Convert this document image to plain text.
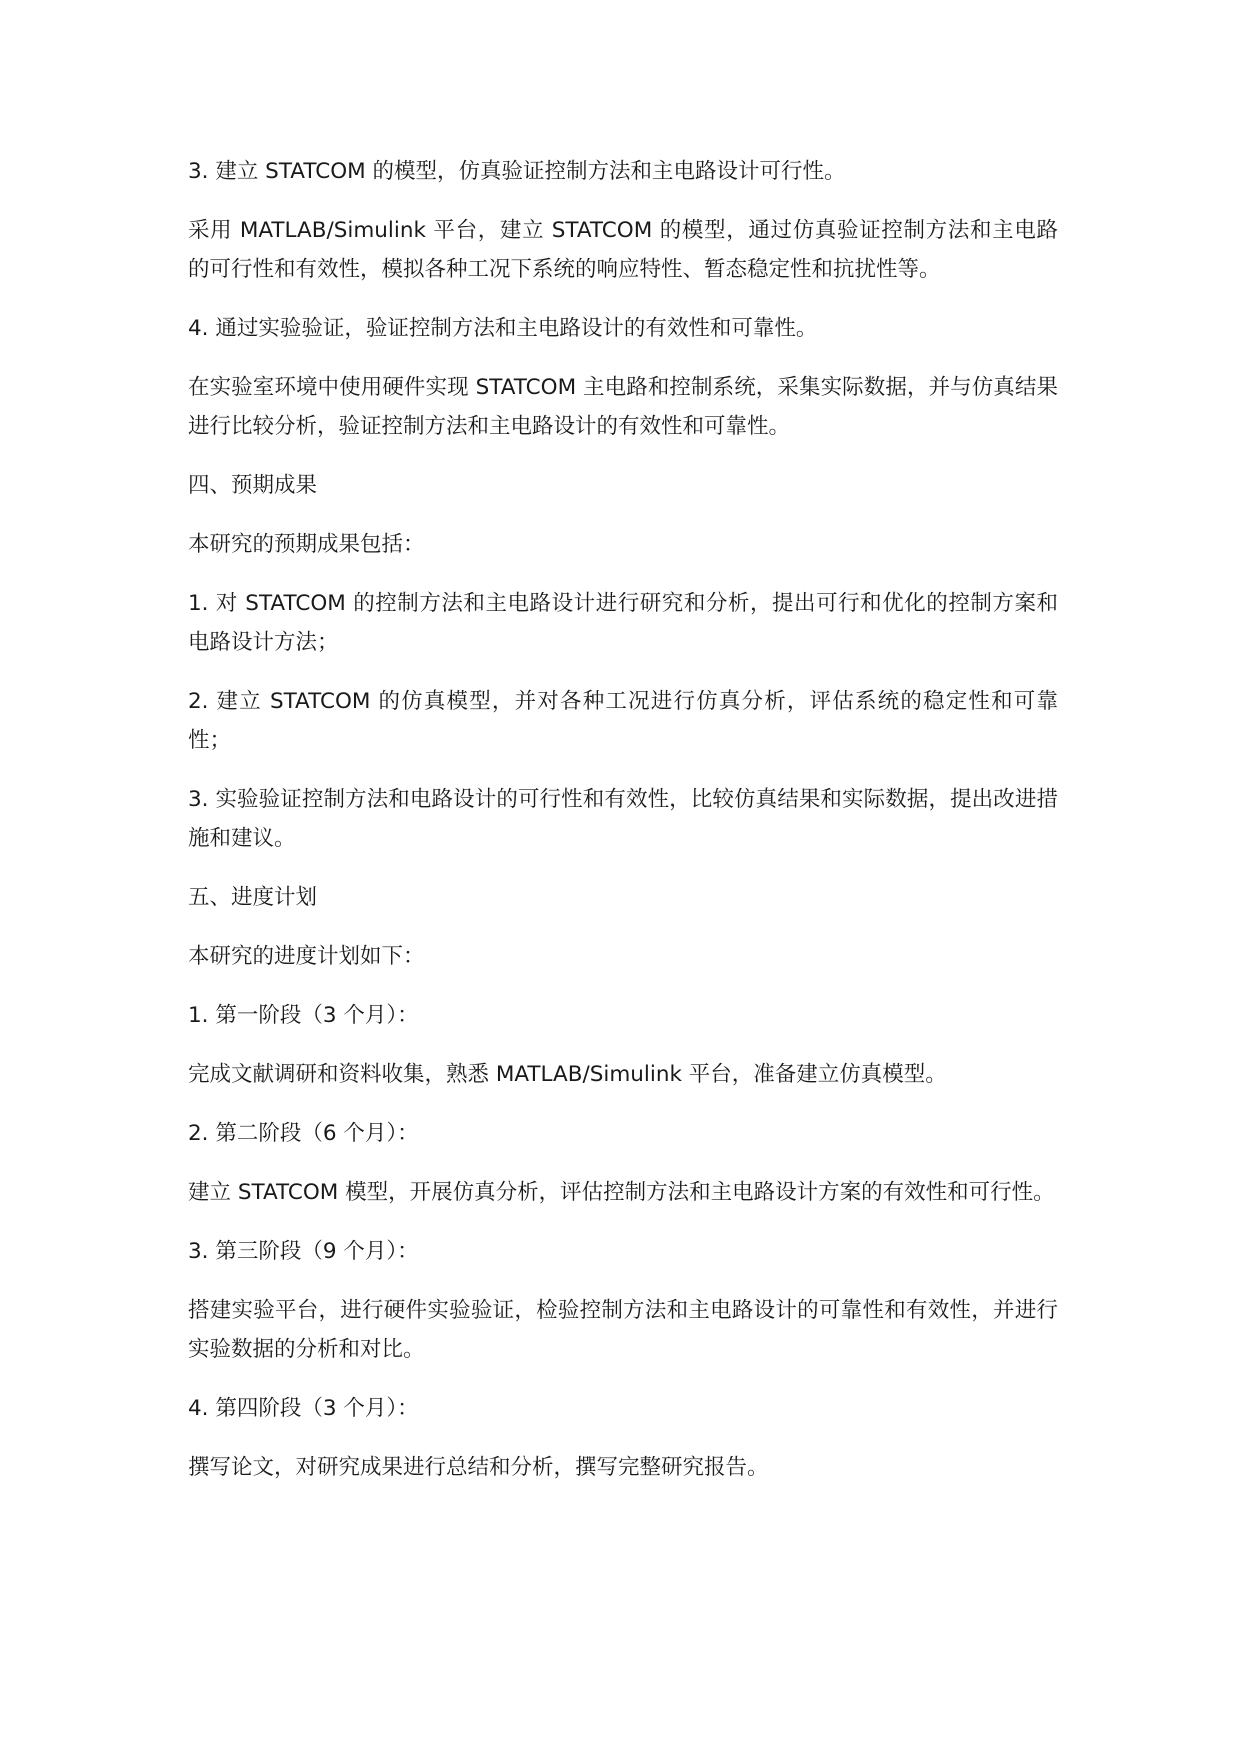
3. 建立 STATCOM 的模型，仿真验证控制方法和主电路设计可行性。

采用 MATLAB/Simulink 平台，建立 STATCOM 的模型，通过仿真验证控制方法和主电路的可行性和有效性，模拟各种工况下系统的响应特性、暂态稳定性和抗扰性等。

4. 通过实验验证，验证控制方法和主电路设计的有效性和可靠性。

在实验室环境中使用硬件实现 STATCOM 主电路和控制系统，采集实际数据，并与仿真结果进行比较分析，验证控制方法和主电路设计的有效性和可靠性。

四、预期成果

本研究的预期成果包括：

1. 对 STATCOM 的控制方法和主电路设计进行研究和分析，提出可行和优化的控制方案和电路设计方法；

2. 建立 STATCOM 的仿真模型，并对各种工况进行仿真分析，评估系统的稳定性和可靠性；

3. 实验验证控制方法和电路设计的可行性和有效性，比较仿真结果和实际数据，提出改进措施和建议。

五、进度计划

本研究的进度计划如下：

1. 第一阶段（3 个月）：

完成文献调研和资料收集，熟悉 MATLAB/Simulink 平台，准备建立仿真模型。

2. 第二阶段（6 个月）：

建立 STATCOM 模型，开展仿真分析，评估控制方法和主电路设计方案的有效性和可行性。

3. 第三阶段（9 个月）：

搭建实验平台，进行硬件实验验证，检验控制方法和主电路设计的可靠性和有效性，并进行实验数据的分析和对比。

4. 第四阶段（3 个月）：

撰写论文，对研究成果进行总结和分析，撰写完整研究报告。
